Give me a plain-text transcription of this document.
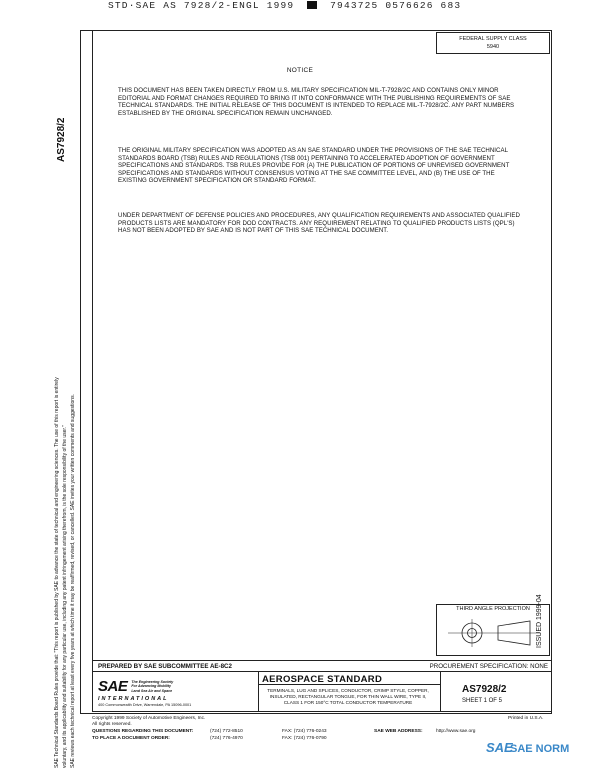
STD·SAE AS 7928/2-ENGL 1999	7943725 0576626 683
FEDERAL SUPPLY CLASS
5940
AS7928/2
NOTICE
THIS DOCUMENT HAS BEEN TAKEN DIRECTLY FROM U.S. MILITARY SPECIFICATION MIL-T-7928/2C AND CONTAINS ONLY MINOR EDITORIAL AND FORMAT CHANGES REQUIRED TO BRING IT INTO CONFORMANCE WITH THE PUBLISHING REQUIREMENTS OF SAE TECHNICAL STANDARDS. THE INITIAL RELEASE OF THIS DOCUMENT IS INTENDED TO REPLACE MIL-T-7928/2C. ANY PART NUMBERS ESTABLISHED BY THE ORIGINAL SPECIFICATION REMAIN UNCHANGED.
THE ORIGINAL MILITARY SPECIFICATION WAS ADOPTED AS AN SAE STANDARD UNDER THE PROVISIONS OF THE SAE TECHNICAL STANDARDS BOARD (TSB) RULES AND REGULATIONS (TSB 001) PERTAINING TO ACCELERATED ADOPTION OF GOVERNMENT SPECIFICATIONS AND STANDARDS. TSB RULES PROVIDE FOR (A) THE PUBLICATION OF PORTIONS OF UNREVISED GOVERNMENT SPECIFICATIONS AND STANDARDS WITHOUT CONSENSUS VOTING AT THE SAE COMMITTEE LEVEL, AND (B) THE USE OF THE EXISTING GOVERNMENT SPECIFICATION OR STANDARD FORMAT.
UNDER DEPARTMENT OF DEFENSE POLICIES AND PROCEDURES, ANY QUALIFICATION REQUIREMENTS AND ASSOCIATED QUALIFIED PRODUCTS LISTS ARE MANDATORY FOR DOD CONTRACTS. ANY REQUIREMENT RELATING TO QUALIFIED PRODUCTS LISTS (QPL'S) HAS NOT BEEN ADOPTED BY SAE AND IS NOT PART OF THIS SAE TECHNICAL DOCUMENT.
SAE Technical Standards Board Rules provide that: "This report is published by SAE to advance the state of technical and engineering sciences. The use of this report is entirely voluntary, and its applicability and suitability for any particular use, including any patent infringement arising therefrom, is the sole responsibility of the user." SAE reviews each technical report at least every five years at which time it may be reaffirmed, revised, or cancelled. SAE invites your written comments and suggestions.	THIRD ANGLE PROJECTION ISSUED 1999-04
PREPARED BY SAE SUBCOMMITTEE AE-8C2	PROCUREMENT SPECIFICATION: NONE
SAE The Engineering Society
For Advancing Mobility
Land Sea Air and Space
INTERNATIONAL
400 Commonwealth Drive, Warrendale, PA 15096-0001
AEROSPACE STANDARD
TERMINALS, LUG AND SPLICES, CONDUCTOR, CRIMP STYLE, COPPER, INSULATED, RECTANGULAR TONGUE, FOR THIN WALL WIRE, TYPE II, CLASS 1 FOR 150°C TOTAL CONDUCTOR TEMPERATURE
AS7928/2
SHEET 1 OF 5
Copyright 1999 Society of Automotive Engineers, Inc.
All rights reserved.
Printed in U.S.A.
QUESTIONS REGARDING THIS DOCUMENT:	(724) 772-8510	FAX: (724) 776-0243	SAE WEB ADDRESS:	http://www.sae.org
TO PLACE A DOCUMENT ORDER:	(724) 776-4970	FAX: (724) 776-0790
SAE
SAE NORM
